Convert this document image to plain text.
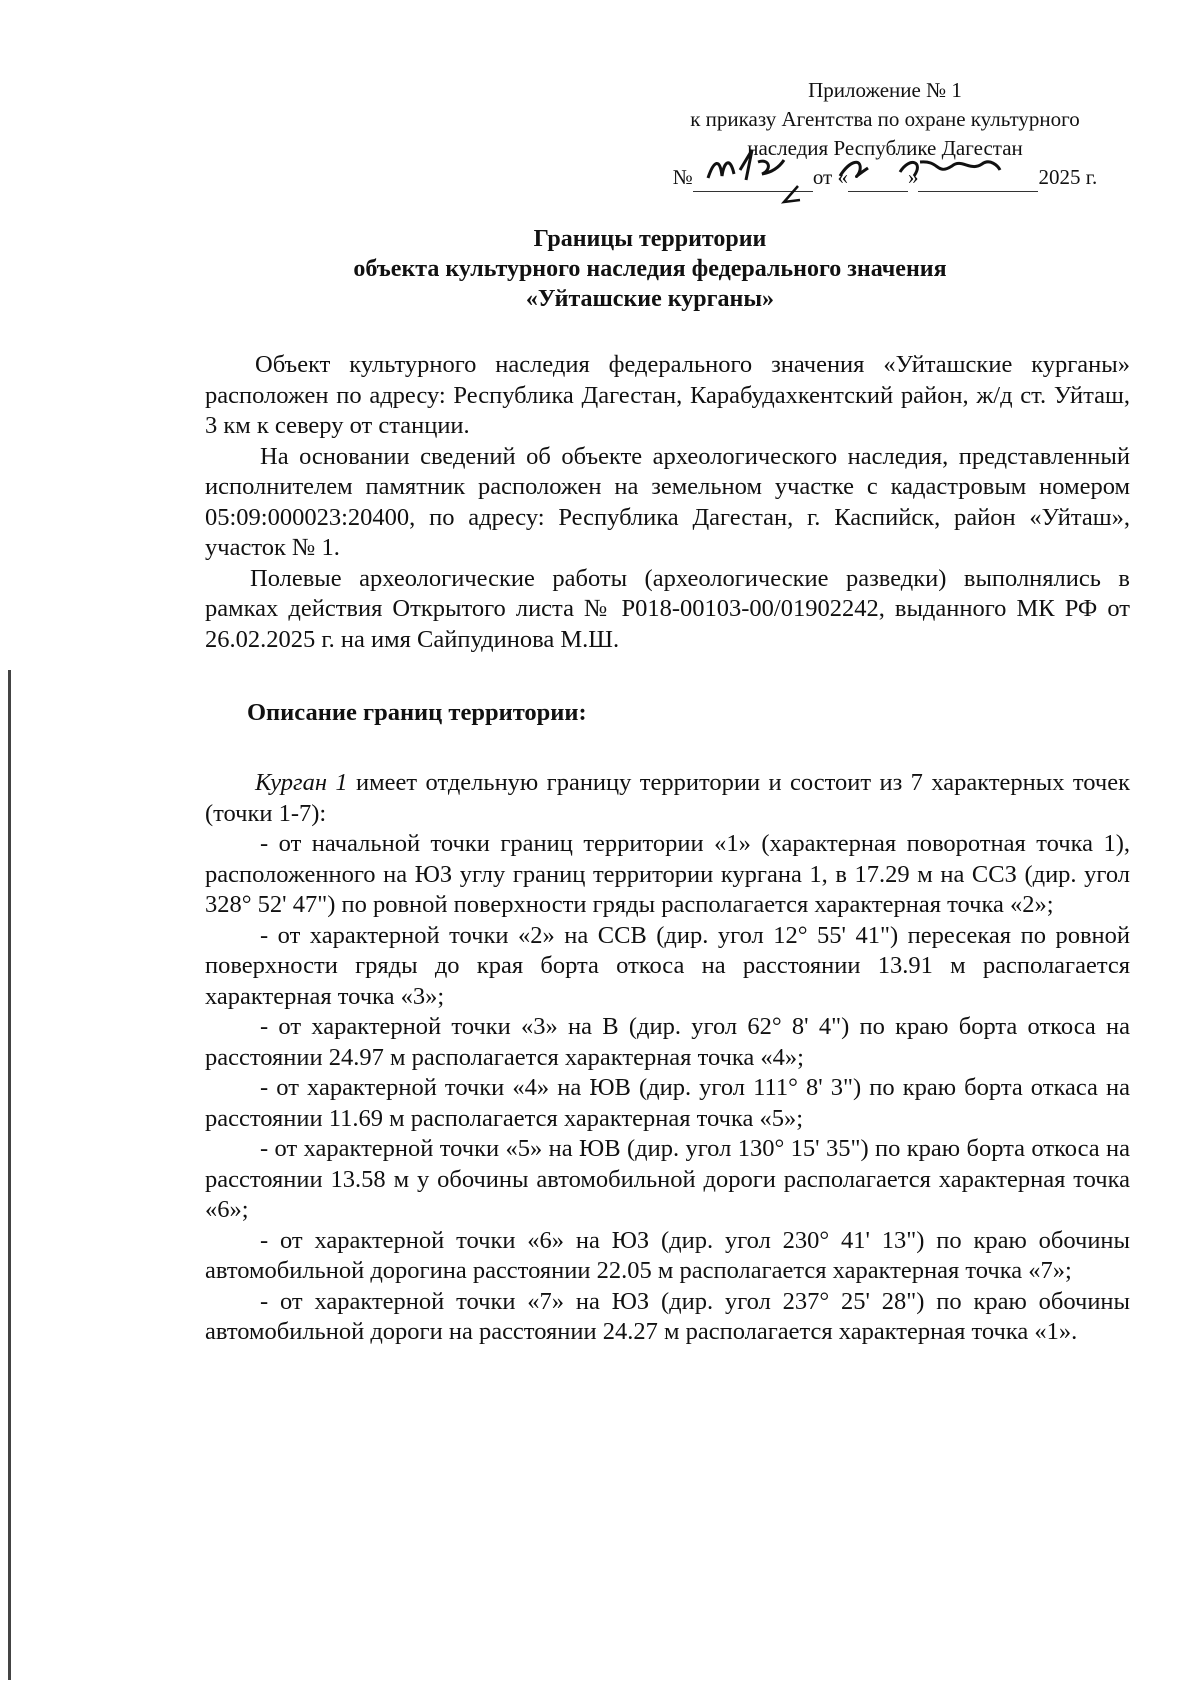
Приложение № 1
к приказу Агентства по охране культурного
наследия Республике Дагестан
№	от «	»	2025 г.
Границы территории
объекта культурного наследия федерального значения
«Уйташские курганы»

Объект культурного наследия федерального значения «Уйташские курганы» расположен по адресу: Республика Дагестан, Карабудахкентский район, ж/д ст. Уйташ, 3 км к северу от станции.

На основании сведений об объекте археологического наследия, представленный исполнителем памятник расположен на земельном участке с кадастровым номером 05:09:000023:20400, по адресу: Республика Дагестан, г. Каспийск, район «Уйташ», участок № 1.

Полевые археологические работы (археологические разведки) выполнялись в рамках действия Открытого листа № Р018-00103-00/01902242, выданного МК РФ от 26.02.2025 г. на имя Сайпудинова М.Ш.

Описание границ территории:

Курган 1 имеет отдельную границу территории и состоит из 7 характерных точек (точки 1-7):

- от начальной точки границ территории «1» (характерная поворотная точка 1), расположенного на ЮЗ углу границ территории кургана 1, в 17.29 м на ССЗ (дир. угол 328° 52' 47") по ровной поверхности гряды располагается характерная точка «2»;

- от характерной точки «2» на ССВ (дир. угол 12° 55' 41") пересекая по ровной поверхности гряды до края борта откоса на расстоянии 13.91 м располагается характерная точка «3»;

- от характерной точки «3» на В (дир. угол 62° 8' 4") по краю борта откоса на расстоянии 24.97 м располагается характерная точка «4»;

- от характерной точки «4» на ЮВ (дир. угол 111° 8' 3") по краю борта откаса на расстоянии 11.69 м располагается характерная точка «5»;

- от характерной точки «5» на ЮВ (дир. угол 130° 15' 35") по краю борта откоса на расстоянии 13.58 м у обочины автомобильной дороги располагается характерная точка «6»;

- от характерной точки «6» на ЮЗ (дир. угол 230° 41' 13") по краю обочины автомобильной дорогина расстоянии 22.05 м располагается характерная точка «7»;

- от характерной точки «7» на ЮЗ (дир. угол 237° 25' 28") по краю обочины автомобильной дороги на расстоянии 24.27 м располагается характерная точка «1».
